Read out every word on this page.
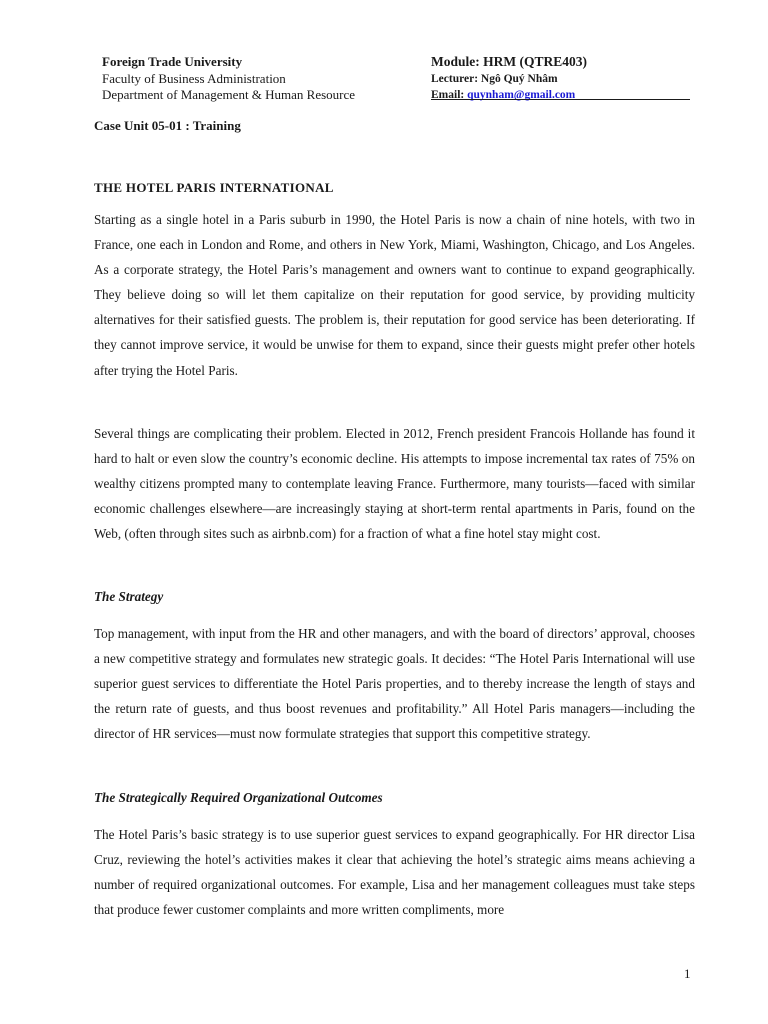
Foreign Trade University
Faculty of Business Administration
Department of Management & Human Resource
Module: HRM (QTRE403)
Lecturer: Ngô Quý Nhâm
Email: quynham@gmail.com
Case Unit 05-01 : Training
THE HOTEL PARIS INTERNATIONAL

Starting as a single hotel in a Paris suburb in 1990, the Hotel Paris is now a chain of nine hotels, with two in France, one each in London and Rome, and others in New York, Miami, Washington, Chicago, and Los Angeles. As a corporate strategy, the Hotel Paris’s management and owners want to continue to expand geographically. They believe doing so will let them capitalize on their reputation for good service, by providing multicity alternatives for their satisfied guests. The problem is, their reputation for good service has been deteriorating. If they cannot improve service, it would be unwise for them to expand, since their guests might prefer other hotels after trying the Hotel Paris.

Several things are complicating their problem. Elected in 2012, French president Francois Hollande has found it hard to halt or even slow the country’s economic decline. His attempts to impose incremental tax rates of 75% on wealthy citizens prompted many to contemplate leaving France. Furthermore, many tourists—faced with similar economic challenges elsewhere—are increasingly staying at short-term rental apartments in Paris, found on the Web, (often through sites such as airbnb.com) for a fraction of what a fine hotel stay might cost.

The Strategy

Top management, with input from the HR and other managers, and with the board of directors’ approval, chooses a new competitive strategy and formulates new strategic goals. It decides: “The Hotel Paris International will use superior guest services to differentiate the Hotel Paris properties, and to thereby increase the length of stays and the return rate of guests, and thus boost revenues and profitability.” All Hotel Paris managers—including the director of HR services—must now formulate strategies that support this competitive strategy.

The Strategically Required Organizational Outcomes

The Hotel Paris’s basic strategy is to use superior guest services to expand geographically. For HR director Lisa Cruz, reviewing the hotel’s activities makes it clear that achieving the hotel’s strategic aims means achieving a number of required organizational outcomes. For example, Lisa and her management colleagues must take steps that produce fewer customer complaints and more written compliments, more

1
